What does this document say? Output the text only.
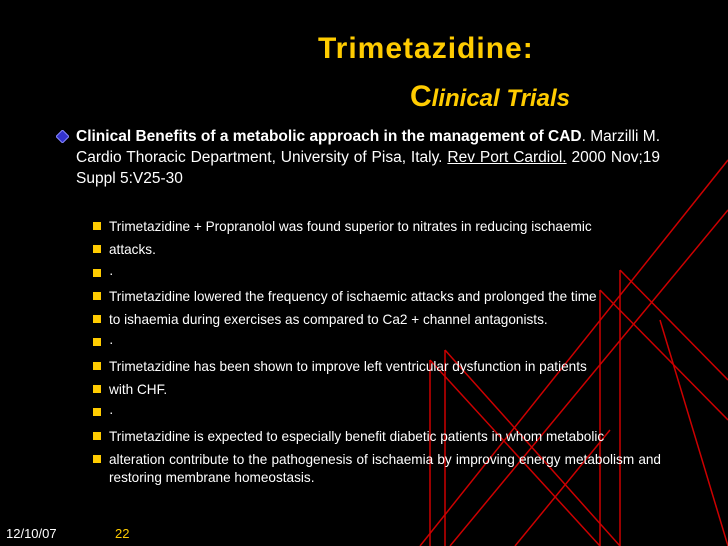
Trimetazidine:
Clinical Trials
Clinical Benefits of a metabolic approach in the management of CAD. Marzilli M. Cardio Thoracic Department, University of Pisa, Italy. Rev Port Cardiol. 2000 Nov;19 Suppl 5:V25-30
Trimetazidine + Propranolol was found superior to nitrates in reducing ischaemic
attacks.
·
Trimetazidine lowered the frequency of ischaemic attacks and prolonged the time
to ishaemia during exercises as compared to Ca2 + channel antagonists.
·
Trimetazidine has been shown to improve left ventricular dysfunction in patients
with CHF.
·
Trimetazidine is expected to especially benefit diabetic patients in whom metabolic
alteration contribute to the pathogenesis of ischaemia by improving energy metabolism and restoring membrane homeostasis.
12/10/07	22
